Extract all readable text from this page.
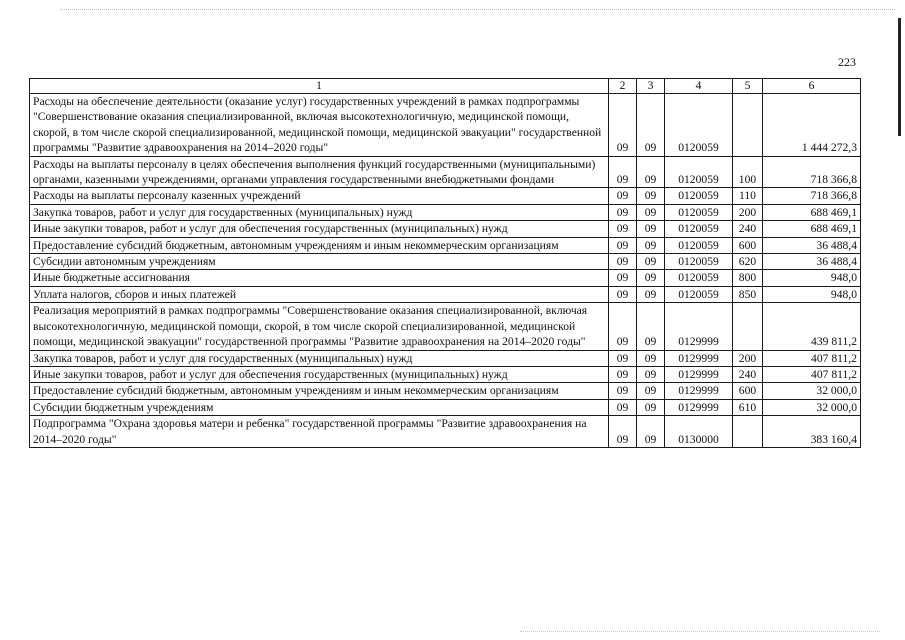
223
1	2	3	4	5	6
Расходы на обеспечение деятельности (оказание услуг) государственных учреждений в рамках подпрограммы "Совершенствование оказания специализированной, включая высокотехнологичную, медицинской помощи, скорой, в том числе скорой специализированной, медицинской помощи, медицинской эвакуации" государственной программы "Развитие здравоохранения на 2014–2020 годы"	09	09	0120059		1 444 272,3
Расходы на выплаты персоналу в целях обеспечения выполнения функций государственными (муниципальными) органами, казенными учреждениями, органами управления государственными внебюджетными фондами	09	09	0120059	100	718 366,8
Расходы на выплаты персоналу казенных учреждений	09	09	0120059	110	718 366,8
Закупка товаров, работ и услуг для государственных (муниципальных) нужд	09	09	0120059	200	688 469,1
Иные закупки товаров, работ и услуг для обеспечения государственных (муниципальных) нужд	09	09	0120059	240	688 469,1
Предоставление субсидий бюджетным, автономным учреждениям и иным некоммерческим организациям	09	09	0120059	600	36 488,4
Субсидии автономным учреждениям	09	09	0120059	620	36 488,4
Иные бюджетные ассигнования	09	09	0120059	800	948,0
Уплата налогов, сборов и иных платежей	09	09	0120059	850	948,0
Реализация мероприятий в рамках подпрограммы "Совершенствование оказания специализированной, включая высокотехнологичную, медицинской помощи, скорой, в том числе скорой специализированной, медицинской помощи, медицинской эвакуации" государственной программы "Развитие здравоохранения на 2014–2020 годы"	09	09	0129999		439 811,2
Закупка товаров, работ и услуг для государственных (муниципальных) нужд	09	09	0129999	200	407 811,2
Иные закупки товаров, работ и услуг для обеспечения государственных (муниципальных) нужд	09	09	0129999	240	407 811,2
Предоставление субсидий бюджетным, автономным учреждениям и иным некоммерческим организациям	09	09	0129999	600	32 000,0
Субсидии бюджетным учреждениям	09	09	0129999	610	32 000,0
Подпрограмма "Охрана здоровья матери и ребенка" государственной программы "Развитие здравоохранения на 2014–2020 годы"	09	09	0130000		383 160,4
